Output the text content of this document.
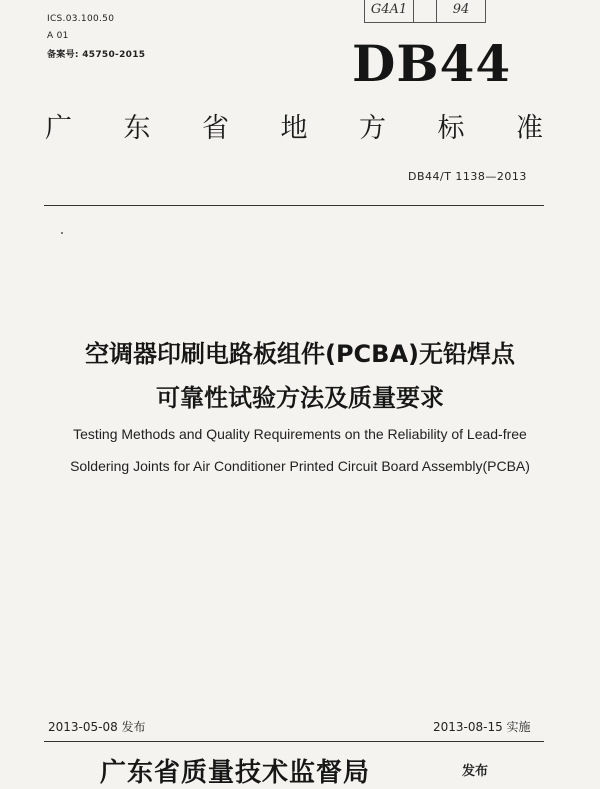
ICS.03.100.50
A 01
备案号: 45750-2015
G4A1	94
DB44
广 东 省 地 方 标 准
DB44/T 1138—2013
空调器印刷电路板组件(PCBA)无铅焊点
可靠性试验方法及质量要求
Testing Methods and Quality Requirements on the Reliability of Lead-free
Soldering Joints for Air Conditioner Printed Circuit Board Assembly(PCBA)
2013-05-08 发布	2013-08-15 实施
广东省质量技术监督局	发布
